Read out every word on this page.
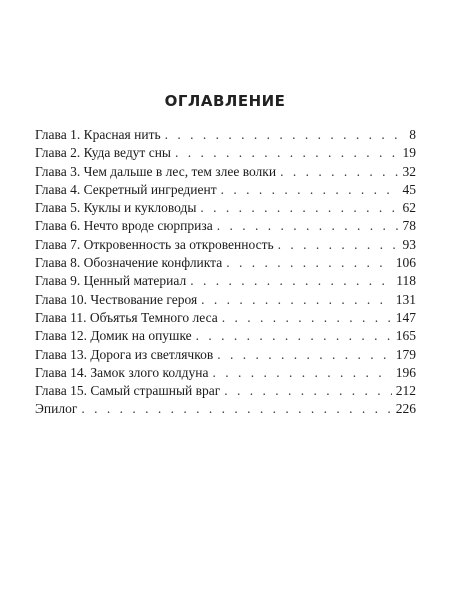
ОГЛАВЛЕНИЕ
Глава 1. Красная нить . . .	8
Глава 2. Куда ведут сны . . .	19
Глава 3. Чем дальше в лес, тем злее волки . . .	32
Глава 4. Секретный ингредиент . . .	45
Глава 5. Куклы и кукловоды . . .	62
Глава 6. Нечто вроде сюрприза . . .	78
Глава 7. Откровенность за откровенность . . .	93
Глава 8. Обозначение конфликта . . .	106
Глава 9. Ценный материал . . .	118
Глава 10. Чествование героя . . .	131
Глава 11. Объятья Темного леса . . .	147
Глава 12. Домик на опушке . . .	165
Глава 13. Дорога из светлячков . . .	179
Глава 14. Замок злого колдуна . . .	196
Глава 15. Самый страшный враг . . .	212
Эпилог . . .	226
